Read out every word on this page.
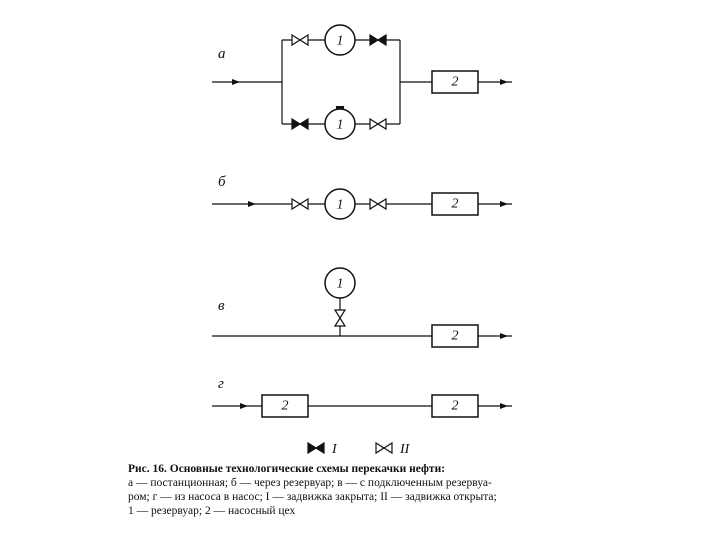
а
1
1
2
б
1	2
в
1
2
г
2	2
I	II
Рис. 16. Основные технологические схемы перекачки нефти:
а — постанционная; б — через резервуар; в — с подключенным резервуа-
ром; г — из насоса в насос; I — задвижка закрыта; II — задвижка открыта;
1 — резервуар; 2 — насосный цех
